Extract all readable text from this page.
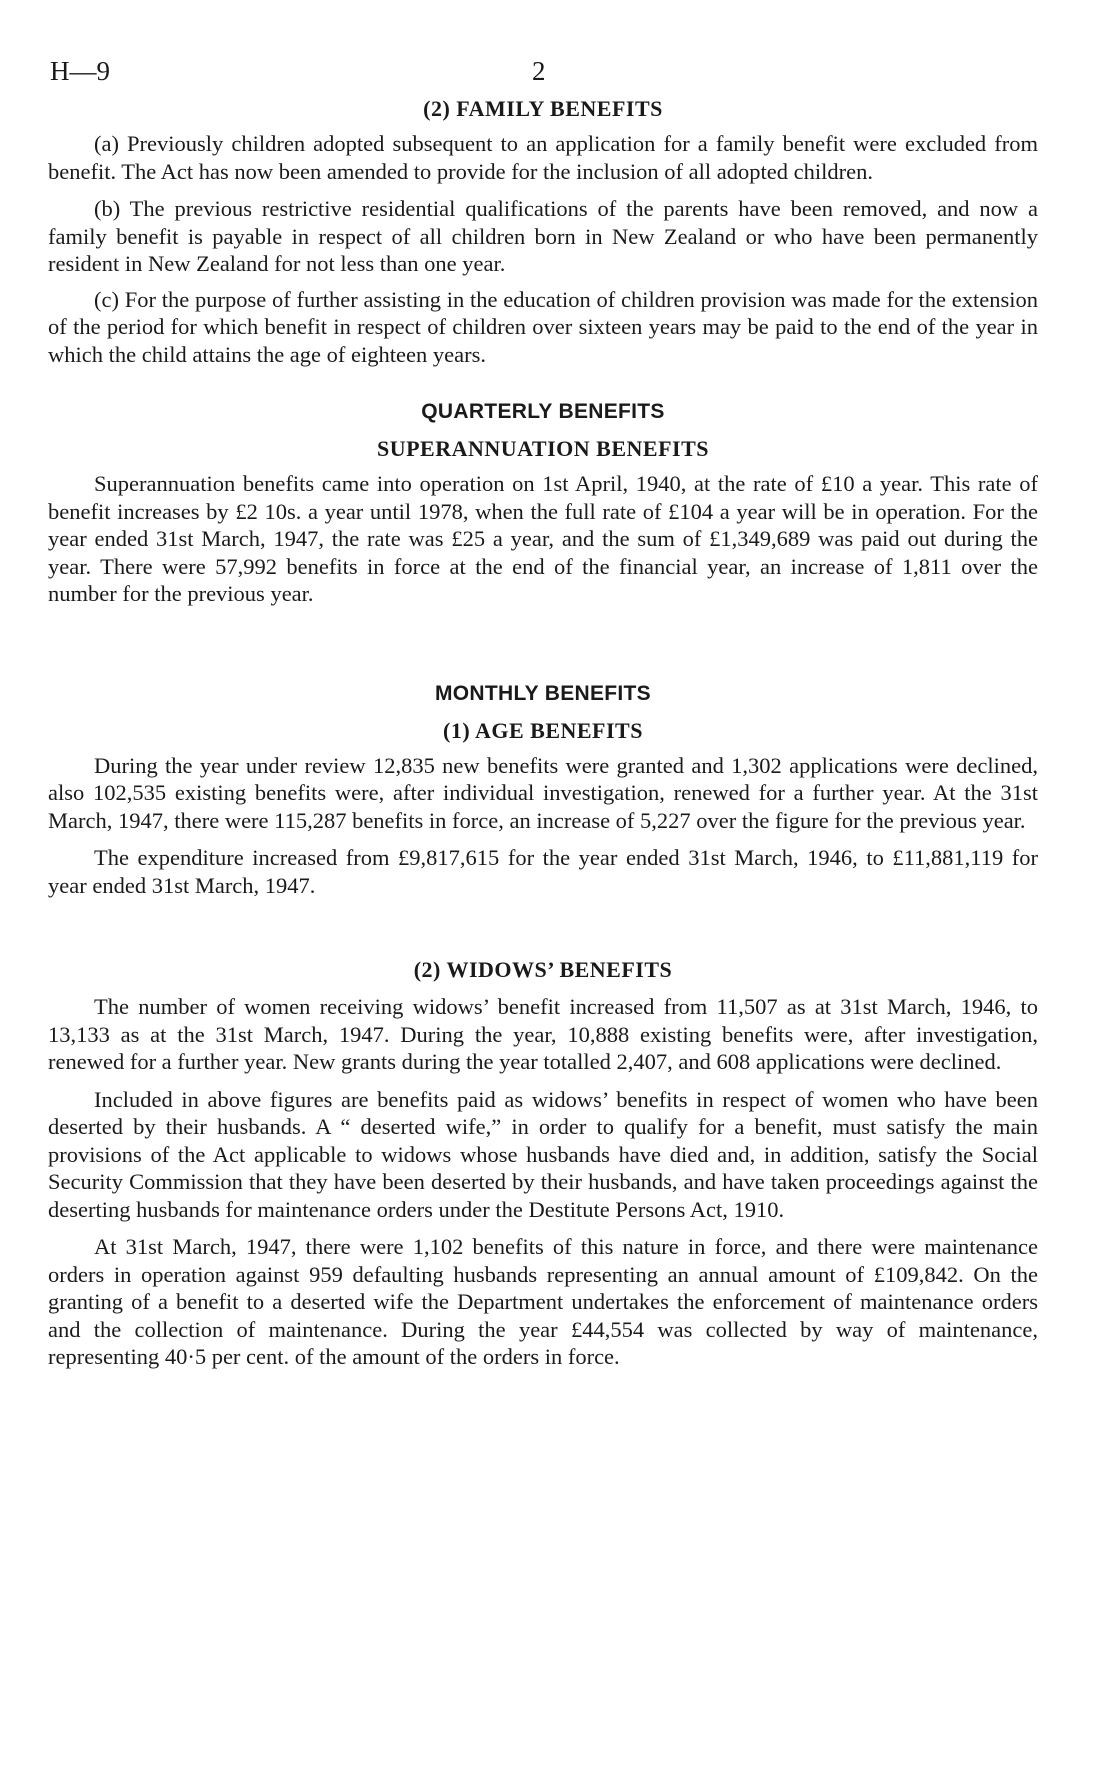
H—9	2
(2) FAMILY BENEFITS

(a) Previously children adopted subsequent to an application for a family benefit were excluded from benefit. The Act has now been amended to provide for the inclusion of all adopted children.

(b) The previous restrictive residential qualifications of the parents have been removed, and now a family benefit is payable in respect of all children born in New Zealand or who have been permanently resident in New Zealand for not less than one year.

(c) For the purpose of further assisting in the education of children provision was made for the extension of the period for which benefit in respect of children over sixteen years may be paid to the end of the year in which the child attains the age of eighteen years.

QUARTERLY BENEFITS
SUPERANNUATION BENEFITS

Superannuation benefits came into operation on 1st April, 1940, at the rate of £10 a year. This rate of benefit increases by £2 10s. a year until 1978, when the full rate of £104 a year will be in operation. For the year ended 31st March, 1947, the rate was £25 a year, and the sum of £1,349,689 was paid out during the year. There were 57,992 benefits in force at the end of the financial year, an increase of 1,811 over the number for the previous year.

MONTHLY BENEFITS
(1) AGE BENEFITS

During the year under review 12,835 new benefits were granted and 1,302 applications were declined, also 102,535 existing benefits were, after individual investigation, renewed for a further year. At the 31st March, 1947, there were 115,287 benefits in force, an increase of 5,227 over the figure for the previous year.

The expenditure increased from £9,817,615 for the year ended 31st March, 1946, to £11,881,119 for year ended 31st March, 1947.

(2) WIDOWS’ BENEFITS

The number of women receiving widows’ benefit increased from 11,507 as at 31st March, 1946, to 13,133 as at the 31st March, 1947. During the year, 10,888 existing benefits were, after investigation, renewed for a further year. New grants during the year totalled 2,407, and 608 applications were declined.

Included in above figures are benefits paid as widows’ benefits in respect of women who have been deserted by their husbands. A “ deserted wife,” in order to qualify for a benefit, must satisfy the main provisions of the Act applicable to widows whose husbands have died and, in addition, satisfy the Social Security Commission that they have been deserted by their husbands, and have taken proceedings against the deserting husbands for maintenance orders under the Destitute Persons Act, 1910.

At 31st March, 1947, there were 1,102 benefits of this nature in force, and there were maintenance orders in operation against 959 defaulting husbands representing an annual amount of £109,842. On the granting of a benefit to a deserted wife the Department undertakes the enforcement of maintenance orders and the collection of maintenance. During the year £44,554 was collected by way of maintenance, representing 40·5 per cent. of the amount of the orders in force.
